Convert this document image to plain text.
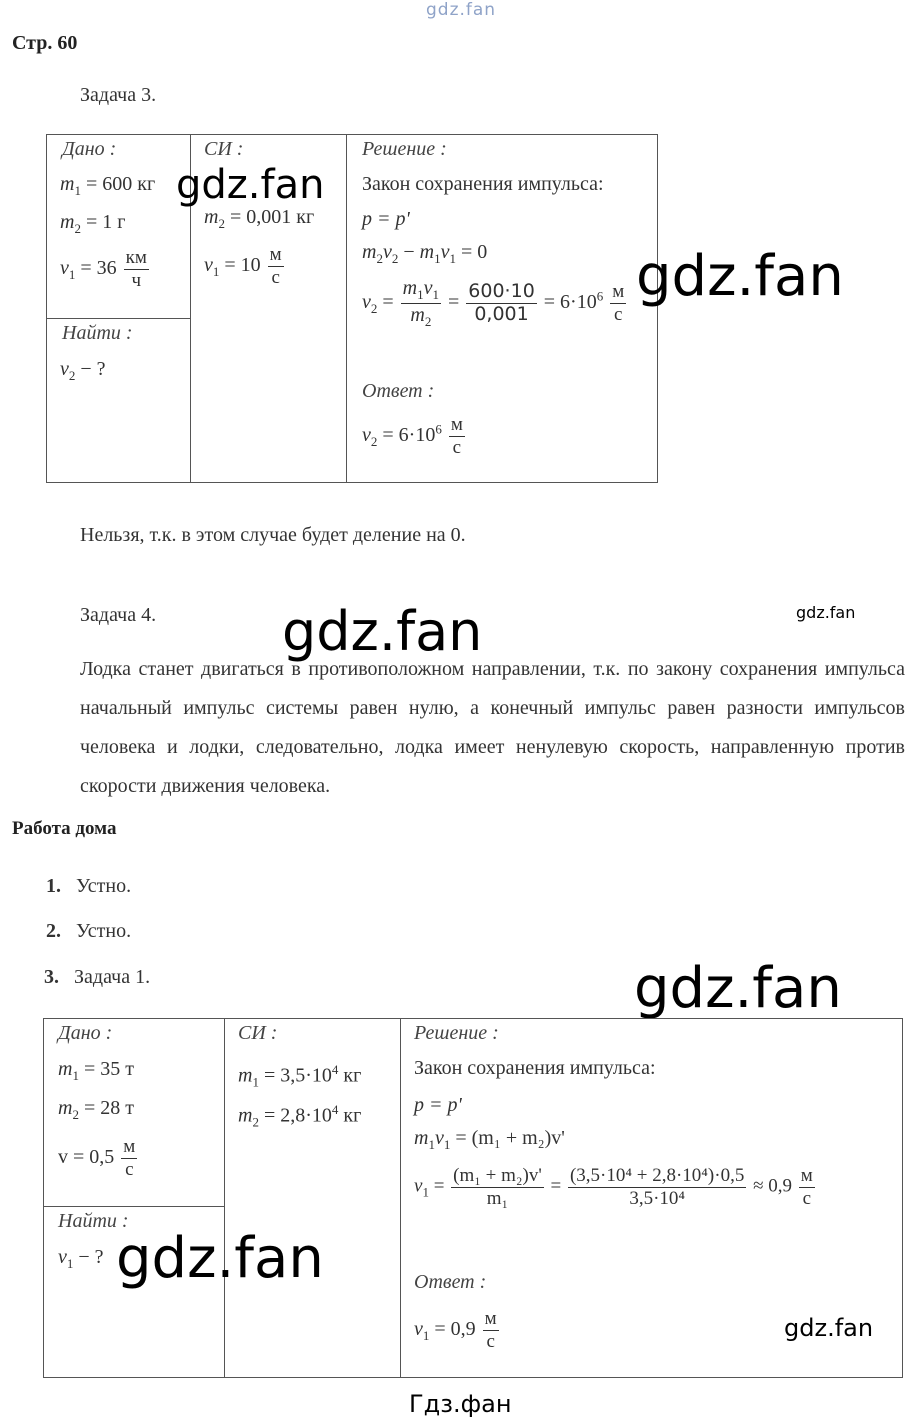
gdz.fan
Стр. 60
Задача 3.
Дано :
$m_1 = 600$ кг
$m_2 = 1$ г
$v_1 = 36 \frac{км}{ч}$
Найти :
$v_2$ − ?
СИ :
$m_2 = 0,001$ кг
$v_1 = 10 \frac{м}{с}$
Решение :
Закон сохранения импульса:
p = p'
$m_2v_2 - m_1v_1 = 0$
$v_2 = \frac{m_1v_1}{m_2} = \frac{600\cdot 10}{0,001} = 6\cdot 10^6 \frac{м}{с}$
Ответ :
$v_2 = 6\cdot 10^6 \frac{м}{с}$
gdz.fan
gdz.fan
Нельзя, т.к. в этом случае будет деление на 0.
Задача 4.	gdz.fan
gdz.fan
Лодка станет двигаться в противоположном направлении, т.к. по закону сохранения импульса начальный импульс системы равен нулю, а конечный импульс равен разности импульсов человека и лодки, следовательно, лодка имеет ненулевую скорость, направленную против скорости движения человека.
Работа дома
1. Устно.
2. Устно.
3. Задача 1.	gdz.fan
Дано :
$m_1 = 35$ т
$m_2 = 28$ т
$v = 0,5 \frac{м}{с}$
Найти :
$v_1$ − ?
СИ :
$m_1 = 3,5\cdot 10^4$ кг
$m_2 = 2,8\cdot 10^4$ кг
Решение :
Закон сохранения импульса:
p = p'
$m_1v_1 = (m_1 + m_2)v'$
$v_1 = \frac{\text{(m₁ + m₂)v'}}{\text{m₁}} = \frac{\text{(3,5·10⁴ + 2,8·10⁴)·0,5}}{\text{3,5·10⁴}} \approx 0,9 \frac{м}{с}$
Ответ :
$v_1 = 0,9 \frac{м}{с}$
gdz.fan
gdz.fan
Гдз.фан
